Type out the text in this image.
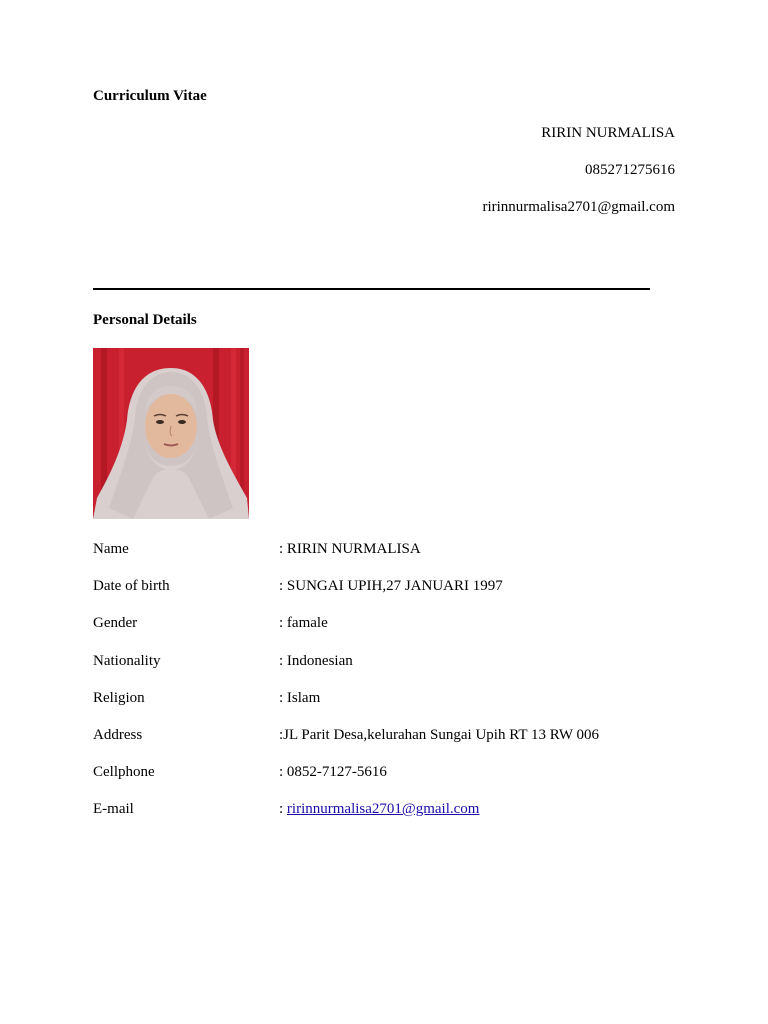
Curriculum Vitae
RIRIN NURMALISA
085271275616
ririnnurmalisa2701@gmail.com
Personal Details
Name	: RIRIN NURMALISA
Date of birth	: SUNGAI UPIH,27 JANUARI 1997
Gender	: famale
Nationality	: Indonesian
Religion	: Islam
Address	:JL Parit Desa,kelurahan Sungai Upih RT 13 RW 006
Cellphone	: 0852-7127-5616
E-mail	: ririnnurmalisa2701@gmail.com
